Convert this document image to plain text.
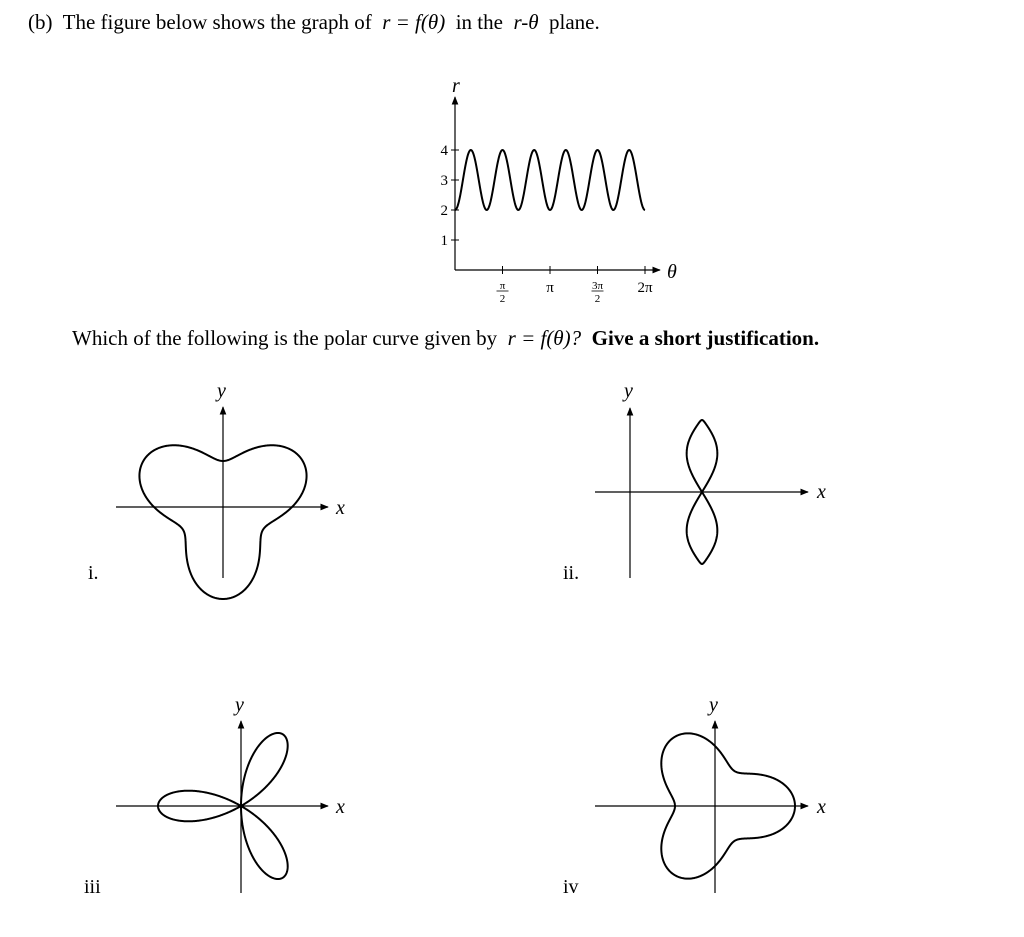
(b) The figure below shows the graph of r = f(θ) in the r-θ plane.
1
2
3
4
π
2
π	3π
2
2π
r
θ
Which of the following is the polar curve given by r = f(θ)? Give a short justification.
x
y
i.
x
y
ii.
x
y
iii
x
y
iv
